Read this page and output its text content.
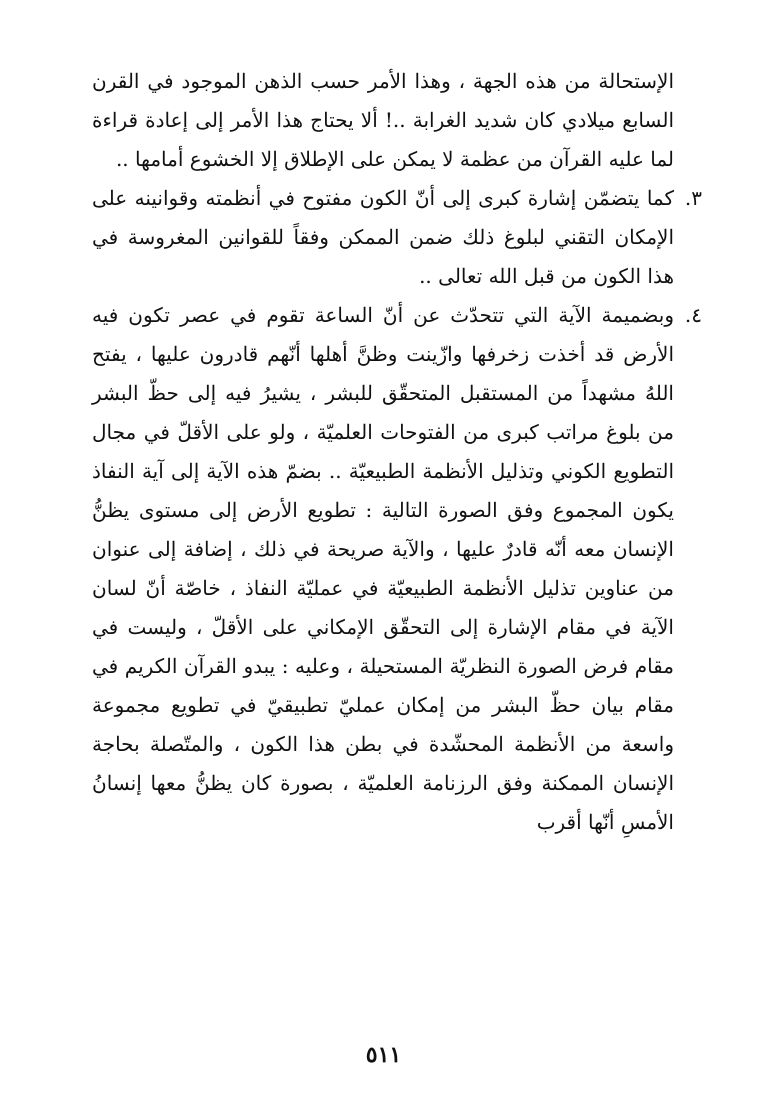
الإستحالة من هذه الجهة ، وهذا الأمر حسب الذهن الموجود في القرن السابع ميلادي كان شديد الغرابة ..! ألا يحتاج هذا الأمر إلى إعادة قراءة لما عليه القرآن من عظمة لا يمكن على الإطلاق إلا الخشوع أمامها ..

٣.
كما يتضمّن إشارة كبرى إلى أنّ الكون مفتوح في أنظمته وقوانينه على الإمكان التقني لبلوغ ذلك ضمن الممكن وفقاً للقوانين المغروسة في هذا الكون من قبل الله تعالى ..
٤.
وبضميمة الآية التي تتحدّث عن أنّ الساعة تقوم في عصر تكون فيه الأرض قد أخذت زخرفها وازّينت وظنَّ أهلها أنّهم قادرون عليها ، يفتح اللهُ مشهداً من المستقبل المتحقّق للبشر ، يشيرُ فيه إلى حظّ البشر من بلوغ مراتب كبرى من الفتوحات العلميّة ، ولو على الأقلّ في مجال التطويع الكوني وتذليل الأنظمة الطبيعيّة .. بضمّ هذه الآية إلى آية النفاذ يكون المجموع وفق الصورة التالية : تطويع الأرض إلى مستوى يظنُّ الإنسان معه أنّه قادرٌ عليها ، والآية صريحة في ذلك ، إضافة إلى عنوان من عناوين تذليل الأنظمة الطبيعيّة في عمليّة النفاذ ، خاصّة أنّ لسان الآية في مقام الإشارة إلى التحقّق الإمكاني على الأقلّ ، وليست في مقام فرض الصورة النظريّة المستحيلة ، وعليه : يبدو القرآن الكريم في مقام بيان حظّ البشر من إمكان عمليّ تطبيقيّ في تطويع مجموعة واسعة من الأنظمة المحشّدة في بطن هذا الكون ، والمتّصلة بحاجة الإنسان الممكنة وفق الرزنامة العلميّة ، بصورة كان يظنُّ معها إنسانُ الأمسِ أنّها أقرب
٥١١
